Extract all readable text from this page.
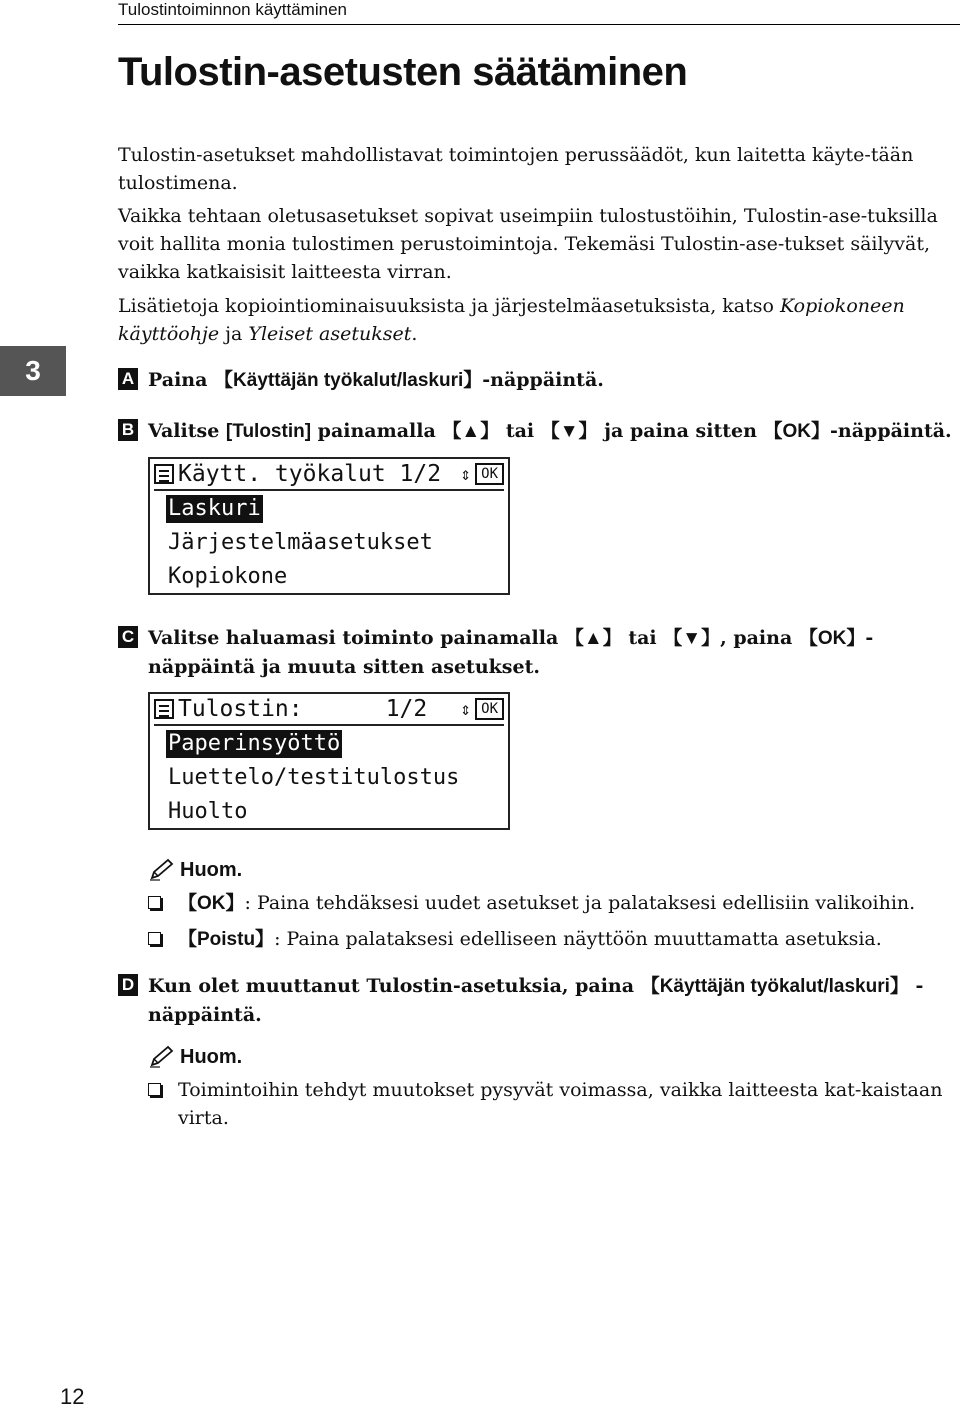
Tulostintoiminnon käyttäminen
Tulostin-asetusten säätäminen

Tulostin-asetukset mahdollistavat toimintojen perussäädöt, kun laitetta käyte-tään tulostimena.

Vaikka tehtaan oletusasetukset sopivat useimpiin tulostustöihin, Tulostin-ase-tuksilla voit hallita monia tulostimen perustoimintoja. Tekemäsi Tulostin-ase-tukset säilyvät, vaikka katkaisisit laitteesta virran.

Lisätietoja kopiointiominaisuuksista ja järjestelmäasetuksista, katso Kopiokoneen käyttöohje ja Yleiset asetukset.

3	A Paina 【Käyttäjän työkalut/laskuri】-näppäintä.
B Valitse [Tulostin] painamalla 【▲】 tai 【▼】 ja paina sitten 【OK】-näppäintä.
Käytt. työkalut 1/2	⇕ OK
Laskuri
Järjestelmäasetukset
Kopiokone
C Valitse haluamasi toiminto painamalla 【▲】 tai 【▼】, paina 【OK】-näppäintä ja muuta sitten asetukset.
Tulostin:      1/2	⇕ OK
Paperinsyöttö
Luettelo/testitulostus
Huolto
Huom.
【OK】: Paina tehdäksesi uudet asetukset ja palataksesi edellisiin valikoihin.
【Poistu】: Paina palataksesi edelliseen näyttöön muuttamatta asetuksia.
D Kun olet muuttanut Tulostin-asetuksia, paina 【Käyttäjän työkalut/laskuri】 - näppäintä.
Huom.
Toimintoihin tehdyt muutokset pysyvät voimassa, vaikka laitteesta kat-kaistaan virta.
12
